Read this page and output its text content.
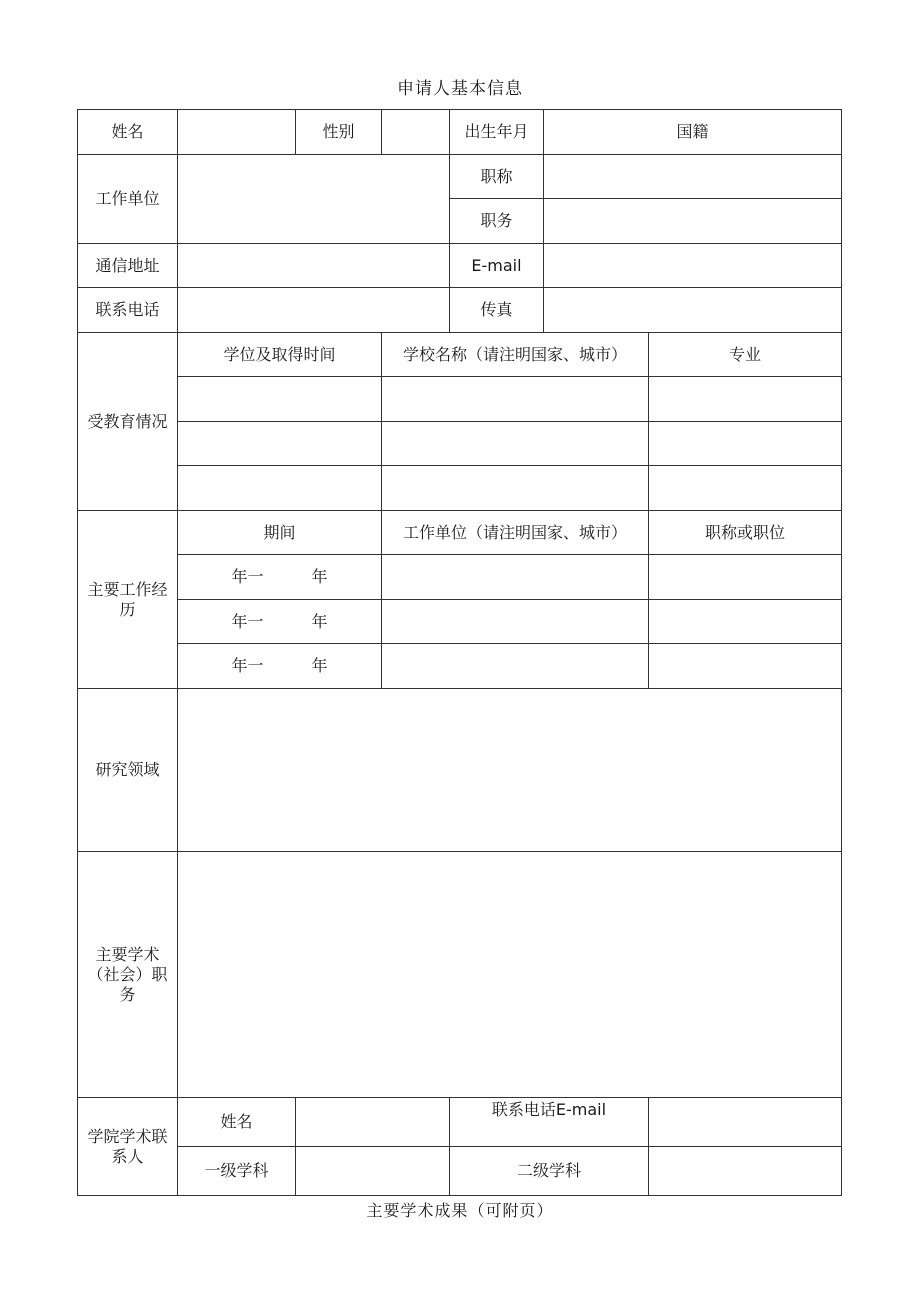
申请人基本信息
姓名		性别		出生年月	国籍	
工作单位				职称		
				职务		
通信地址				E-mail		
联系电话				传真		
受教育情况	学位及取得时间		学校名称（请注明国家、城市）			专业

主要工作经历	期间		工作单位（请注明国家、城市）			职称或职位
	年一 年					
	年一 年					
	年一 年					
研究领域						
主要学术（社会）职务						
学院学术联系人	姓名			联系电话E-mail		
	一级学科			二级学科		
主要学术成果（可附页）
